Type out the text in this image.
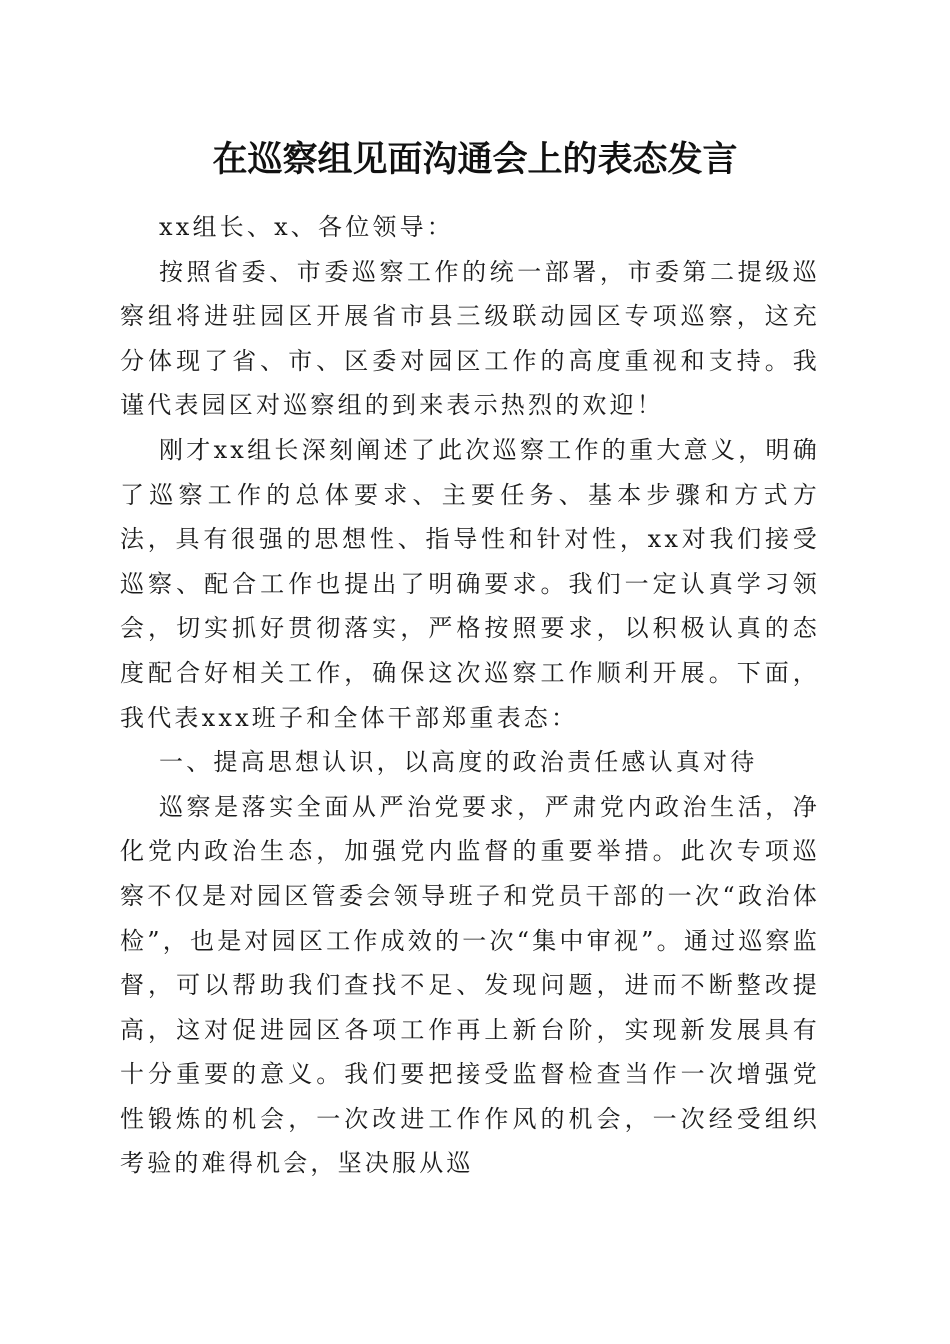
在巡察组见面沟通会上的表态发言

xx组长、x、各位领导：

按照省委、市委巡察工作的统一部署，市委第二提级巡察组将进驻园区开展省市县三级联动园区专项巡察，这充分体现了省、市、区委对园区工作的高度重视和支持。我谨代表园区对巡察组的到来表示热烈的欢迎！

刚才xx组长深刻阐述了此次巡察工作的重大意义，明确了巡察工作的总体要求、主要任务、基本步骤和方式方法，具有很强的思想性、指导性和针对性，xx对我们接受巡察、配合工作也提出了明确要求。我们一定认真学习领会，切实抓好贯彻落实，严格按照要求，以积极认真的态度配合好相关工作，确保这次巡察工作顺利开展。下面，我代表xxx班子和全体干部郑重表态：

一、提高思想认识，以高度的政治责任感认真对待

巡察是落实全面从严治党要求，严肃党内政治生活，净化党内政治生态，加强党内监督的重要举措。此次专项巡察不仅是对园区管委会领导班子和党员干部的一次“政治体检”，也是对园区工作成效的一次“集中审视”。通过巡察监督，可以帮助我们查找不足、发现问题，进而不断整改提高，这对促进园区各项工作再上新台阶，实现新发展具有十分重要的意义。我们要把接受监督检查当作一次增强党性锻炼的机会，一次改进工作作风的机会，一次经受组织考验的难得机会，坚决服从巡
